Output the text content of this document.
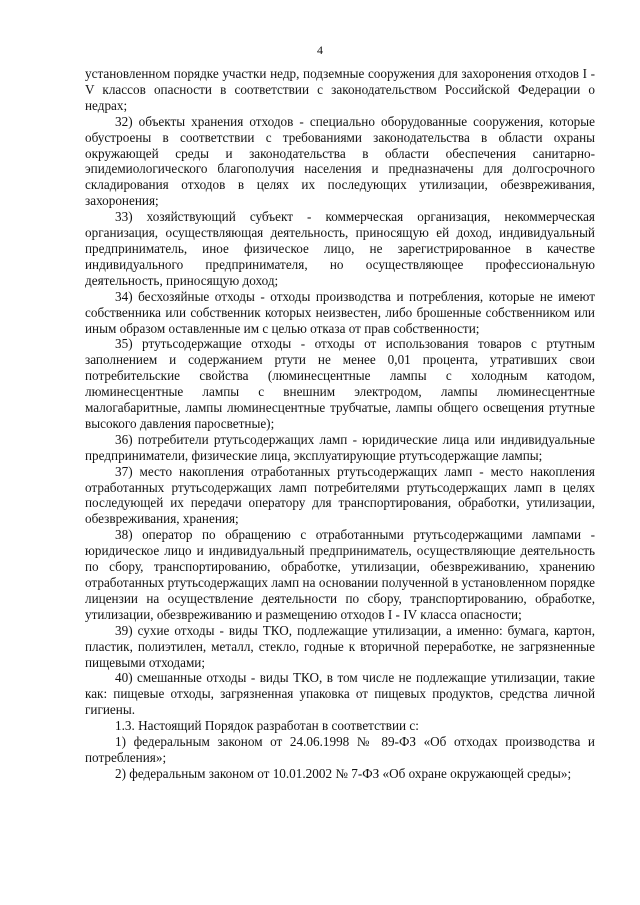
4

установленном порядке участки недр, подземные сооружения для захоронения отходов I - V классов опасности в соответствии с законодательством Российской Федерации о недрах;

32) объекты хранения отходов - специально оборудованные сооружения, которые обустроены в соответствии с требованиями законодательства в области охраны окружающей среды и законодательства в области обеспечения санитарно-эпидемиологического благополучия населения и предназначены для долгосрочного складирования отходов в целях их последующих утилизации, обезвреживания, захоронения;

33) хозяйствующий субъект - коммерческая организация, некоммерческая организация, осуществляющая деятельность, приносящую ей доход, индивидуальный предприниматель, иное физическое лицо, не зарегистрированное в качестве индивидуального предпринимателя, но осуществляющее профессиональную деятельность, приносящую доход;

34) бесхозяйные отходы - отходы производства и потребления, которые не имеют собственника или собственник которых неизвестен, либо брошенные собственником или иным образом оставленные им с целью отказа от прав собственности;

35) ртутьсодержащие отходы - отходы от использования товаров с ртутным заполнением и содержанием ртути не менее 0,01 процента, утративших свои потребительские свойства (люминесцентные лампы с холодным катодом, люминесцентные лампы с внешним электродом, лампы люминесцентные малогабаритные, лампы люминесцентные трубчатые, лампы общего освещения ртутные высокого давления паросветные);

36) потребители ртутьсодержащих ламп - юридические лица или индивидуальные предприниматели, физические лица, эксплуатирующие ртутьсодержащие лампы;

37) место накопления отработанных ртутьсодержащих ламп - место накопления отработанных ртутьсодержащих ламп потребителями ртутьсодержащих ламп в целях последующей их передачи оператору для транспортирования, обработки, утилизации, обезвреживания, хранения;

38) оператор по обращению с отработанными ртутьсодержащими лампами - юридическое лицо и индивидуальный предприниматель, осуществляющие деятельность по сбору, транспортированию, обработке, утилизации, обезвреживанию, хранению отработанных ртутьсодержащих ламп на основании полученной в установленном порядке лицензии на осуществление деятельности по сбору, транспортированию, обработке, утилизации, обезвреживанию и размещению отходов I - IV класса опасности;

39) сухие отходы - виды ТКО, подлежащие утилизации, а именно: бумага, картон, пластик, полиэтилен, металл, стекло, годные к вторичной переработке, не загрязненные пищевыми отходами;

40) смешанные отходы - виды ТКО, в том числе не подлежащие утилизации, такие как: пищевые отходы, загрязненная упаковка от пищевых продуктов, средства личной гигиены.

1.3. Настоящий Порядок разработан в соответствии с:

1) федеральным законом от 24.06.1998 № 89-ФЗ «Об отходах производства и потребления»;

2) федеральным законом от 10.01.2002 № 7-ФЗ «Об охране окружающей среды»;
